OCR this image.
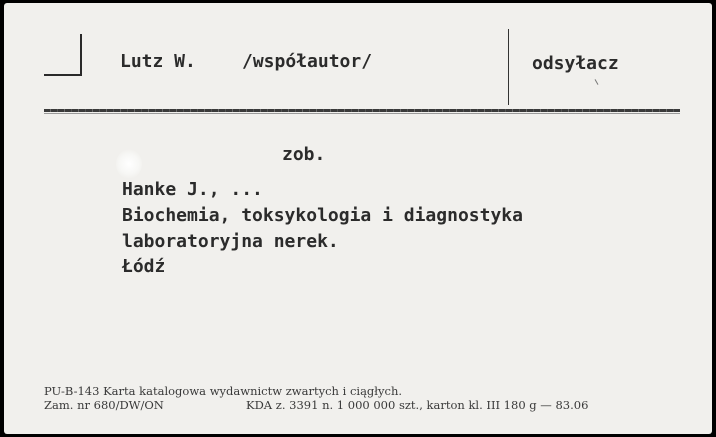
Lutz W.	/współautor/	odsyłacz
zob.
Hanke J., ...
Biochemia, toksykologia i diagnostyka
laboratoryjna nerek.
Łódź
PU-B-143 Karta katalogowa wydawnictw zwartych i ciągłych.
Zam. nr 680/DW/ON	KDA z. 3391 n. 1 000 000 szt., karton kl. III 180 g — 83.06
